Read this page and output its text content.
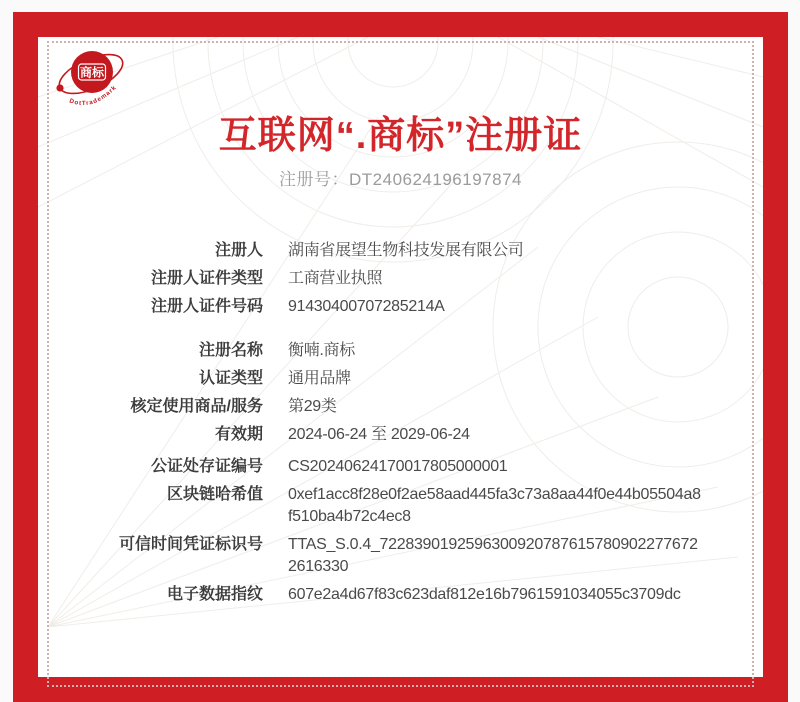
商标
DotTrademark
互联网“.商标”注册证
注册号：DT240624196197874
注册人 湖南省展望生物科技发展有限公司
注册人证件类型 工商营业执照
注册人证件号码 91430400707285214A
注册名称 衡喃.商标
认证类型 通用品牌
核定使用商品/服务 第29类
有效期 2024-06-24 至 2029-06-24
公证处存证编号 CS20240624170017805000001
区块链哈希值 0xef1acc8f28e0f2ae58aad445fa3c73a8aa44f0e44b05504a8f510ba4b72c4ec8
可信时间凭证标识号 TTAS_S.0.4_72283901925963009207876157809022776722616330
电子数据指纹 607e2a4d67f83c623daf812e16b7961591034055c3709dc
